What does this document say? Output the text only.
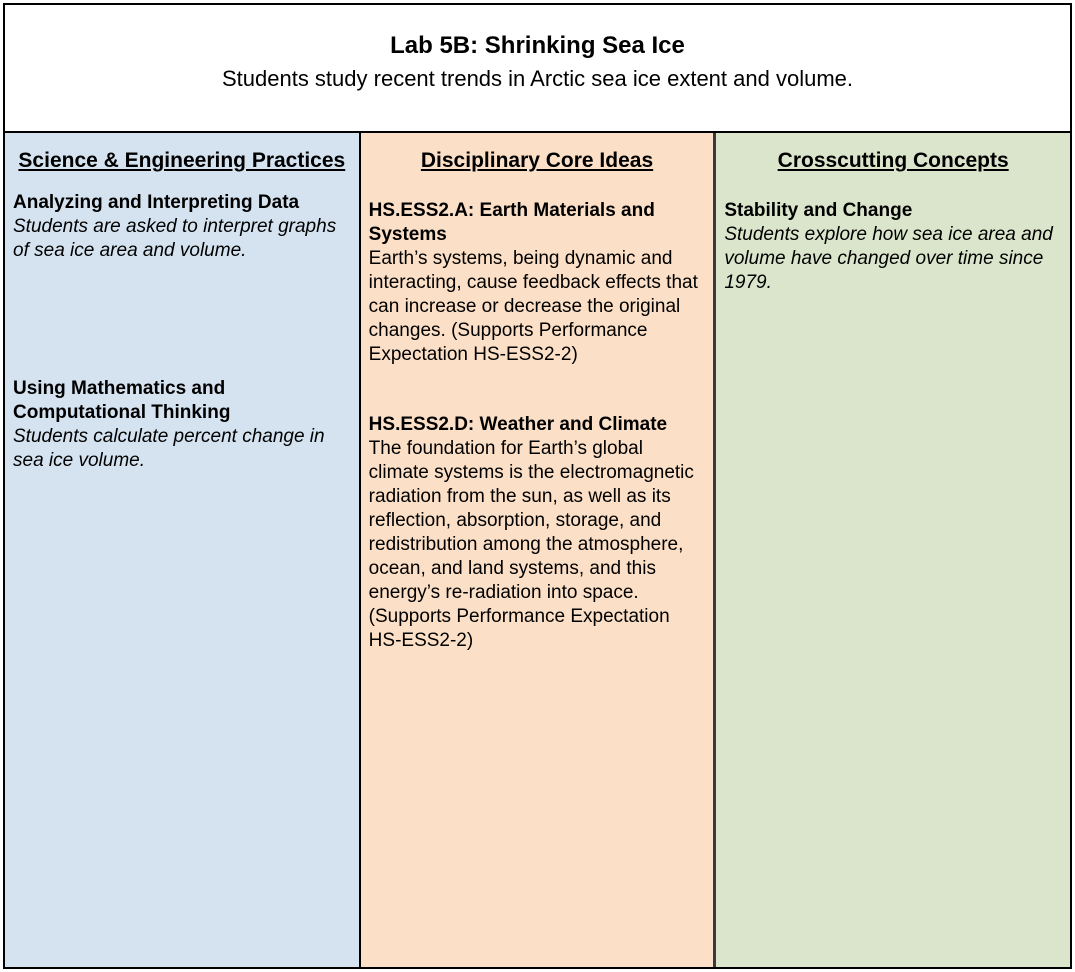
Lab 5B: Shrinking Sea Ice
Students study recent trends in Arctic sea ice extent and volume.
Science & Engineering Practices
Analyzing and Interpreting Data
Students are asked to interpret graphs of sea ice area and volume.
Using Mathematics and Computational Thinking
Students calculate percent change in sea ice volume.
Disciplinary Core Ideas
HS.ESS2.A: Earth Materials and Systems
Earth’s systems, being dynamic and interacting, cause feedback effects that can increase or decrease the original changes. (Supports Performance Expectation HS-ESS2-2)
HS.ESS2.D: Weather and Climate
The foundation for Earth’s global climate systems is the electromagnetic radiation from the sun, as well as its reflection, absorption, storage, and redistribution among the atmosphere, ocean, and land systems, and this energy’s re-radiation into space. (Supports Performance Expectation HS-ESS2-2)
Crosscutting Concepts
Stability and Change
Students explore how sea ice area and volume have changed over time since 1979.
